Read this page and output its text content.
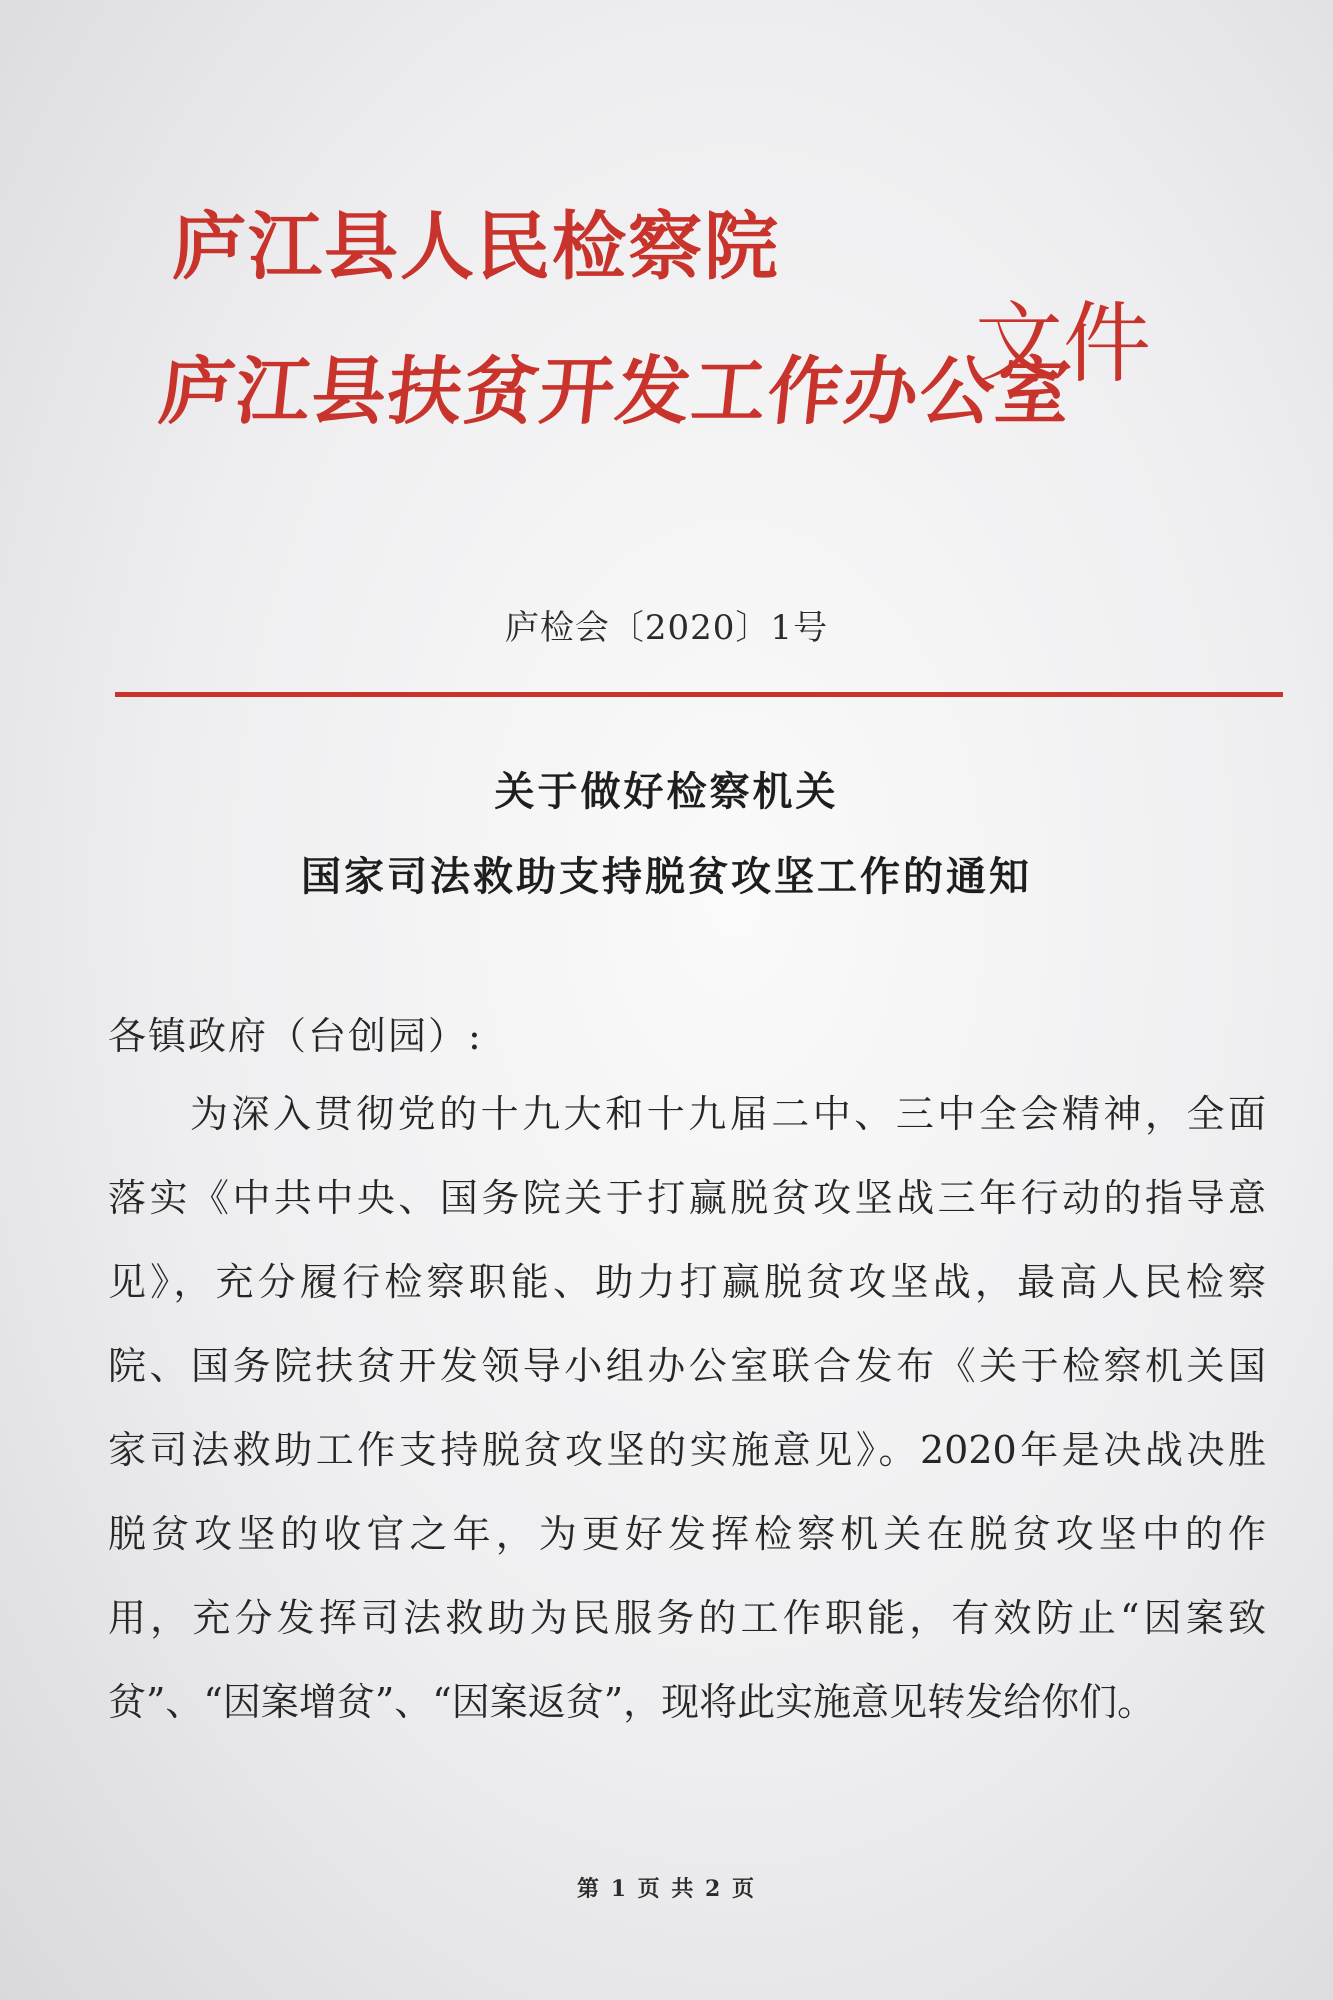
庐江县人民检察院
庐江县扶贫开发工作办公室
文件
庐检会〔2020〕1号
关于做好检察机关
国家司法救助支持脱贫攻坚工作的通知
各镇政府（台创园）:
为深入贯彻党的十九大和十九届二中、三中全会精神，全面
落实《中共中央、国务院关于打赢脱贫攻坚战三年行动的指导意
见》，充分履行检察职能、助力打赢脱贫攻坚战，最高人民检察
院、国务院扶贫开发领导小组办公室联合发布《关于检察机关国
家司法救助工作支持脱贫攻坚的实施意见》。2020年是决战决胜
脱贫攻坚的收官之年，为更好发挥检察机关在脱贫攻坚中的作
用，充分发挥司法救助为民服务的工作职能，有效防止“因案致
贫”、“因案增贫”、“因案返贫”，现将此实施意见转发给你们。
第 1 页 共 2 页
